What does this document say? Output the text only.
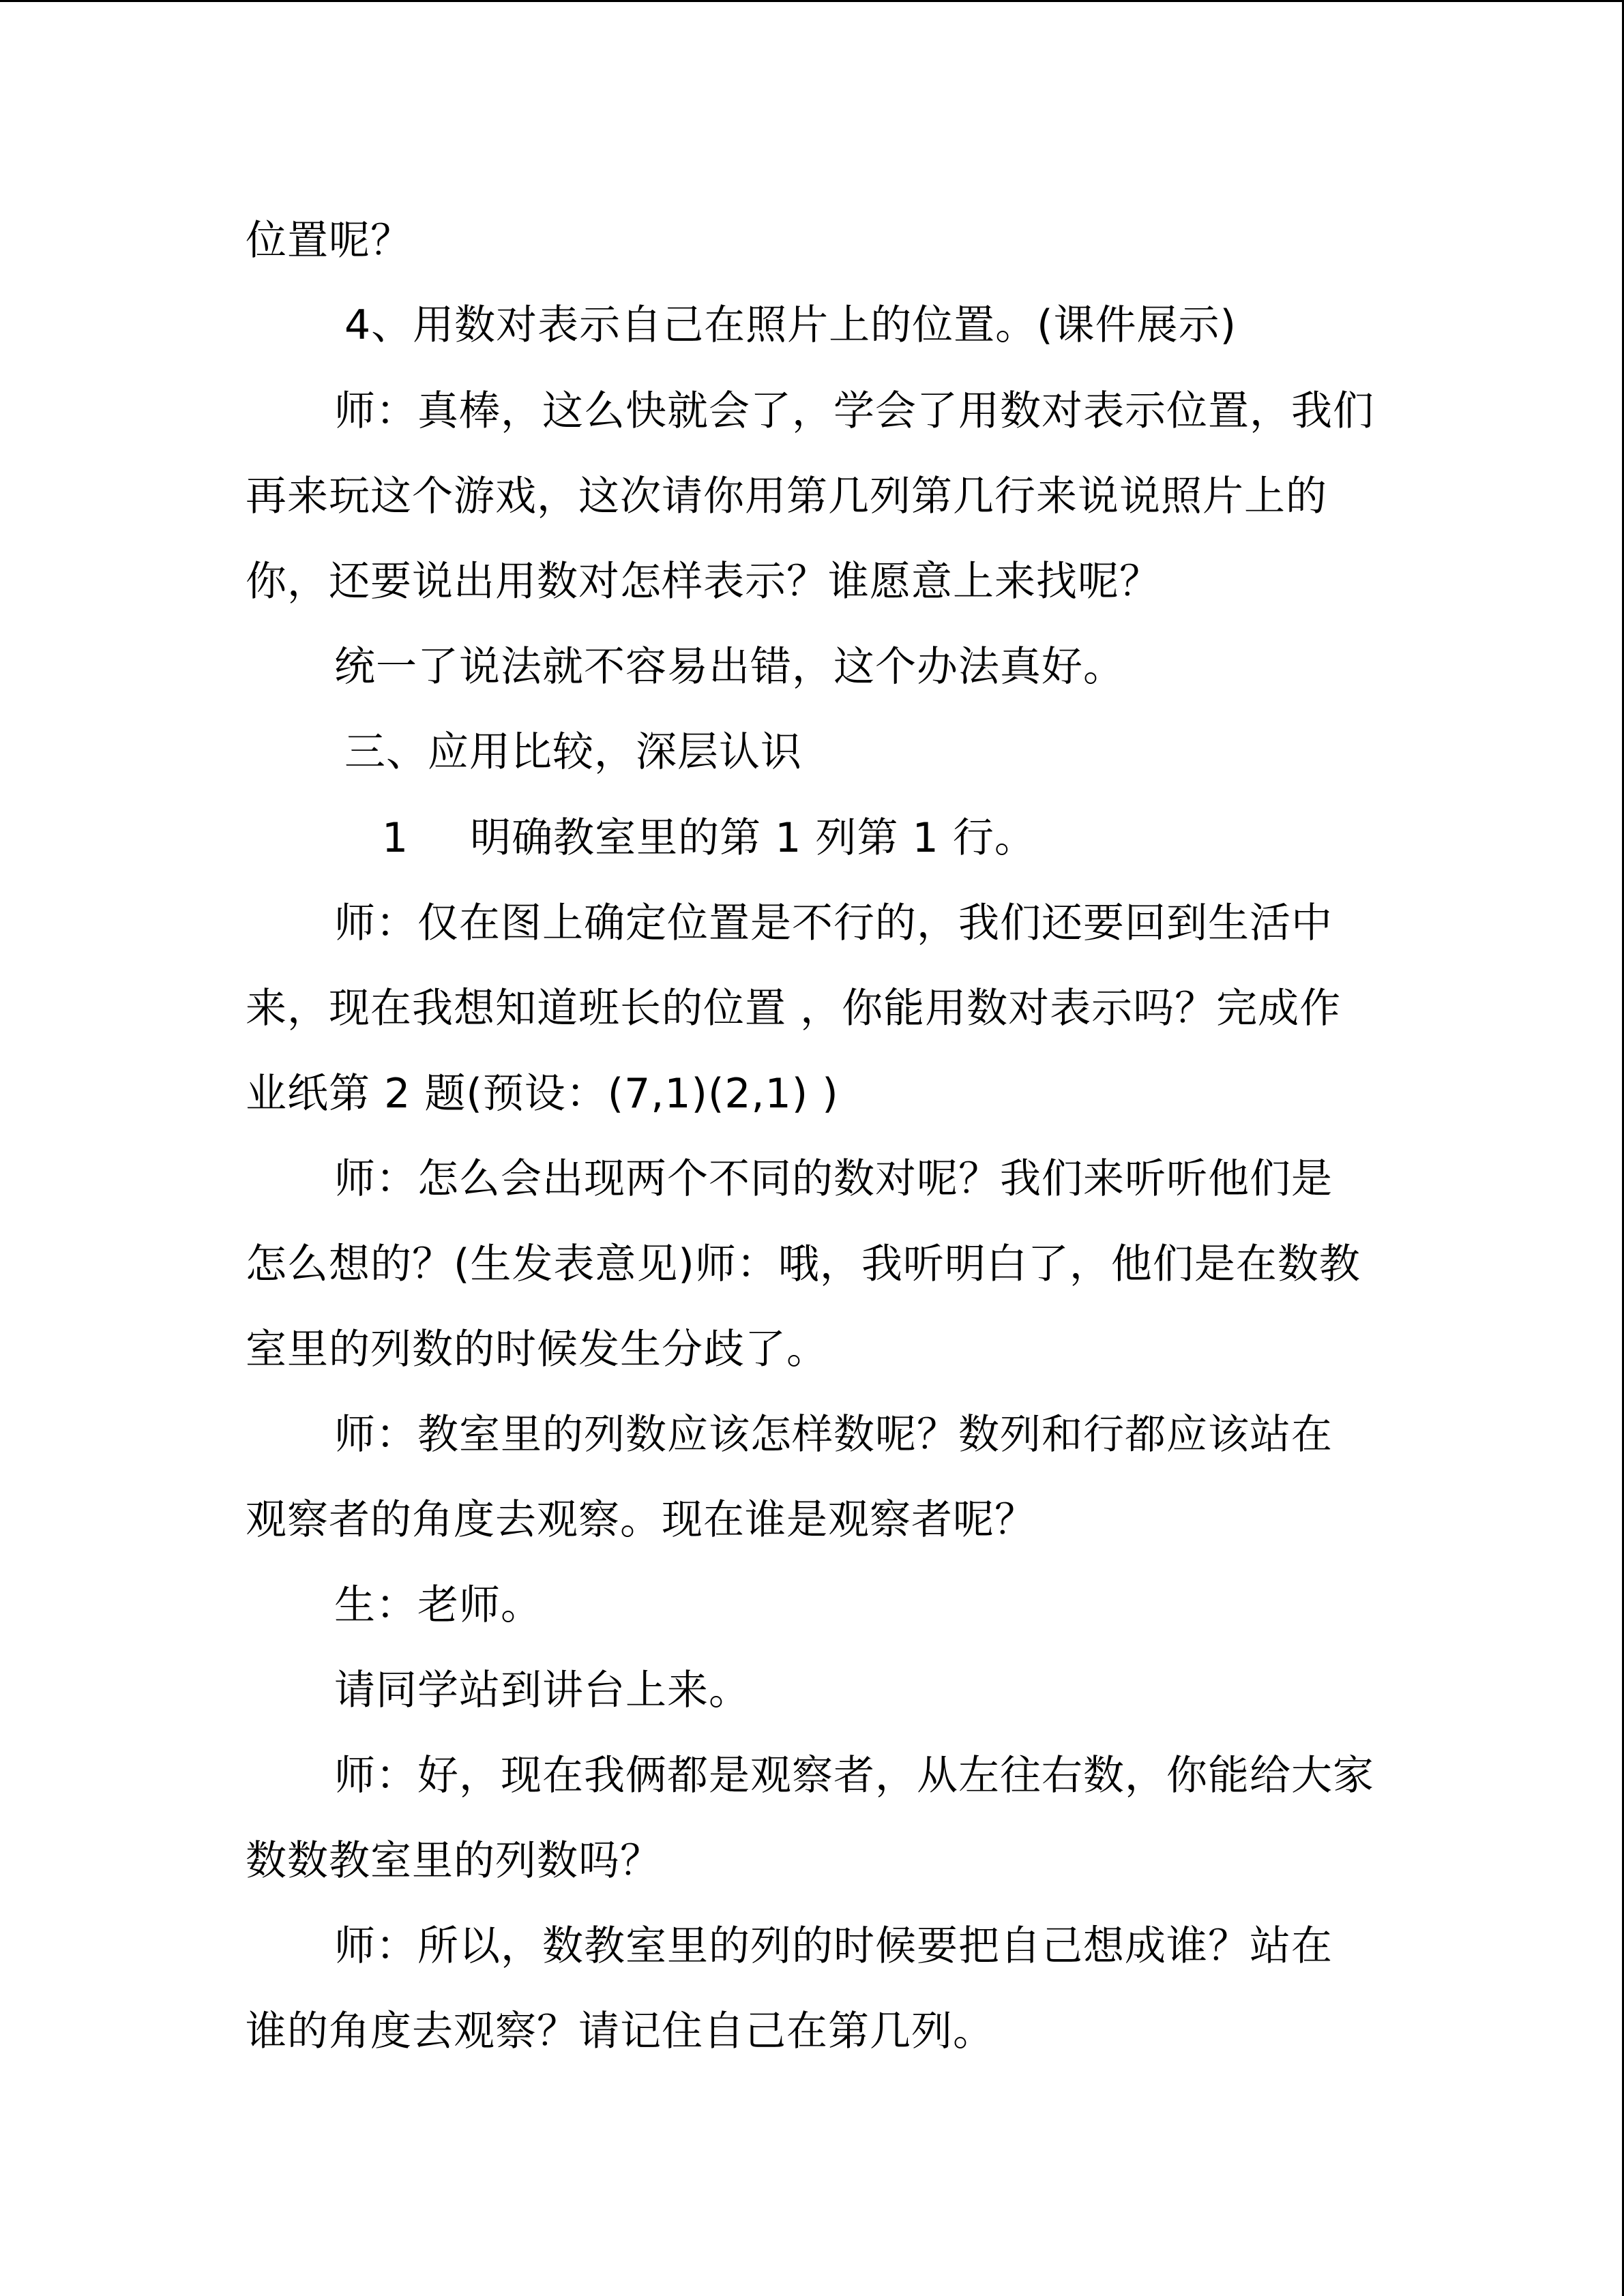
位置呢？
4、用数对表示自己在照片上的位置。(课件展示)
师：真棒，这么快就会了，学会了用数对表示位置，我们
再来玩这个游戏，这次请你用第几列第几行来说说照片上的
你，还要说出用数对怎样表示？谁愿意上来找呢？
统一了说法就不容易出错，这个办法真好。
三、应用比较，深层认识
1 明确教室里的第 1 列第 1 行。
师：仅在图上确定位置是不行的，我们还要回到生活中
来，现在我想知道班长的位置 ，你能用数对表示吗？完成作
业纸第 2 题(预设：(7,1)(2,1) )
师：怎么会出现两个不同的数对呢？我们来听听他们是
怎么想的？(生发表意见)师：哦，我听明白了，他们是在数教
室里的列数的时候发生分歧了。
师：教室里的列数应该怎样数呢？数列和行都应该站在
观察者的角度去观察。现在谁是观察者呢？
生：老师。
请同学站到讲台上来。
师：好，现在我俩都是观察者，从左往右数，你能给大家
数数教室里的列数吗？
师：所以，数教室里的列的时候要把自己想成谁？站在
谁的角度去观察？请记住自己在第几列。
